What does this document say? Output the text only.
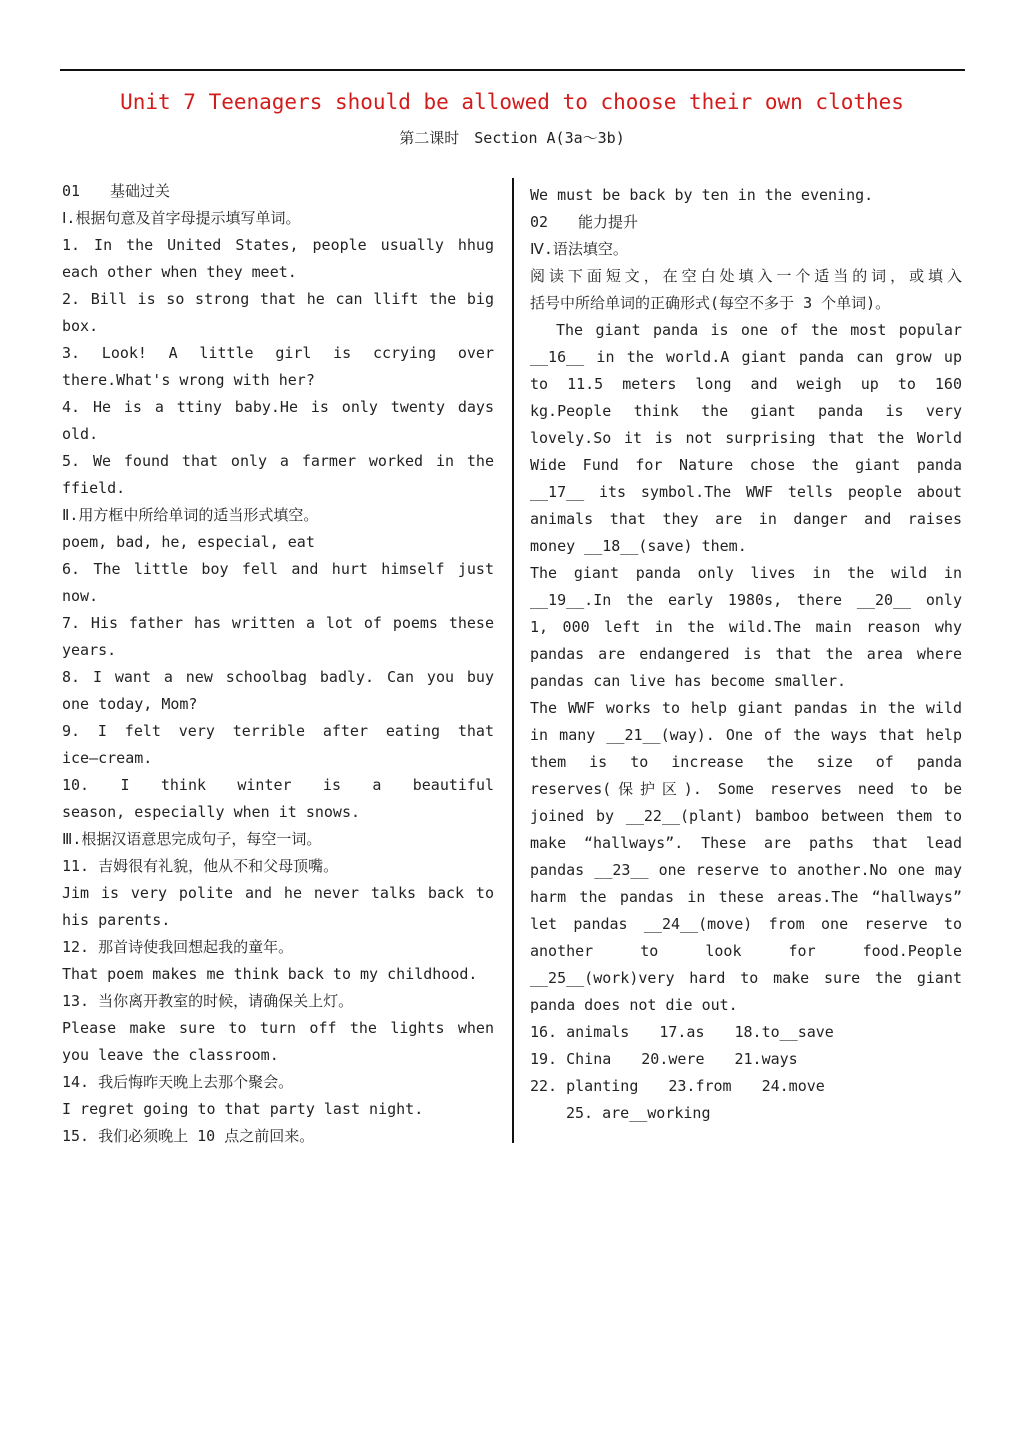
Unit 7 Teenagers should be allowed to choose their own clothes
第二课时　Section A(3a～3b)

01　　基础过关

Ⅰ.根据句意及首字母提示填写单词。

1. In the United States, people usually hhug

each other when they meet.

2. Bill is so strong that he can llift the big

box.

3. Look! A little girl is ccrying over

there.What's wrong with her?

4. He is a ttiny baby.He is only twenty days

old.

5. We found that only a farmer worked in the

ffield.

Ⅱ.用方框中所给单词的适当形式填空。

poem, bad, he, especial, eat

6. The little boy fell and hurt himself just

now.

7. His father has written a lot of poems these

years.

8. I want a new schoolbag badly. Can you buy

one today, Mom?

9. I felt very terrible after eating that

ice—cream.

10. I think winter is a beautiful

season, especially when it snows.

Ⅲ.根据汉语意思完成句子，每空一词。

11. 吉姆很有礼貌，他从不和父母顶嘴。

Jim is very polite and he never talks back to

his parents.

12. 那首诗使我回想起我的童年。

That poem makes me think back to my childhood.

13. 当你离开教室的时候，请确保关上灯。

Please make sure to turn off the lights when

you leave the classroom.

14. 我后悔昨天晚上去那个聚会。

I regret going to that party last night.

15. 我们必须晚上 10 点之前回来。

We must be back by ten in the evening.

02　　能力提升

Ⅳ.语法填空。

阅读下面短文，在空白处填入一个适当的词，或填入

括号中所给单词的正确形式(每空不多于 3 个单词)。

The giant panda is one of the most popular

__16__ in the world.A giant panda can grow up

to 11.5 meters long and weigh up to 160

kg.People think the giant panda is very

lovely.So it is not surprising that the World

Wide Fund for Nature chose the giant panda

__17__ its symbol.The WWF tells people about

animals that they are in danger and raises

money __18__(save) them.

The giant panda only lives in the wild in

__19__.In the early 1980s, there __20__ only

1, 000 left in the wild.The main reason why

pandas are endangered is that the area where

pandas can live has become smaller.

The WWF works to help giant pandas in the wild

in many __21__(way). One of the ways that help

them is to increase the size of panda

reserves(保护区). Some reserves need to be

joined by __22__(plant) bamboo between them to

make “hallways”. These are paths that lead

pandas __23__ one reserve to another.No one may

harm the pandas in these areas.The “hallways”

let pandas __24__(move) from one reserve to

another to look for food.People

__25__(work)very hard to make sure the giant

panda does not die out.

16. animals　　17.as　　18.to__save

19. China　　20.were　　21.ways

22. planting　　23.from　　24.move

25. are__working
